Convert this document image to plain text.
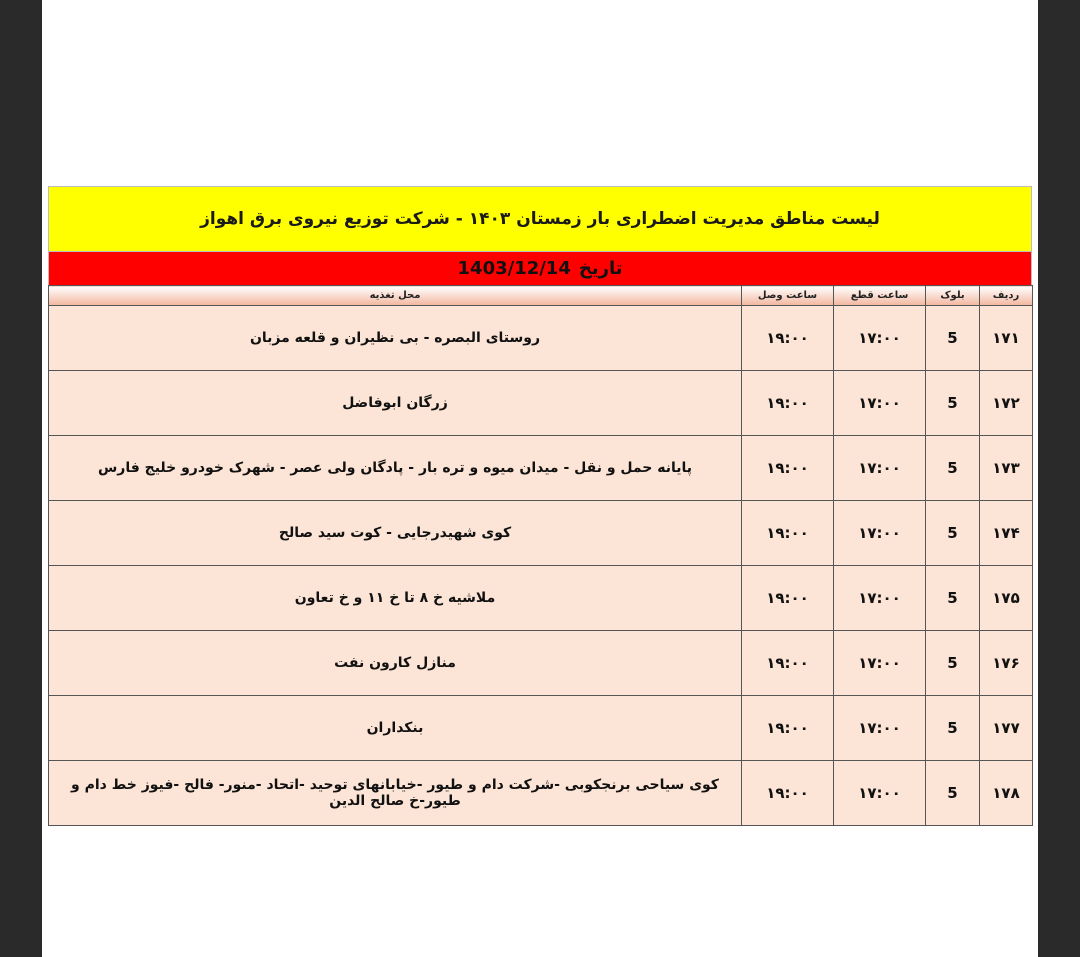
لیست مناطق مدیریت اضطراری بار زمستان ۱۴۰۳ - شرکت توزیع نیروی برق اهواز
تاریخ
1403/12/14
ردیف	بلوک	ساعت قطع	ساعت وصل	محل تغذیه
۱۷۱	5	۱۷:۰۰	۱۹:۰۰	روستای البصره - بی نظیران و قلعه مزبان
۱۷۲	5	۱۷:۰۰	۱۹:۰۰	زرگان ابوفاضل
۱۷۳	5	۱۷:۰۰	۱۹:۰۰	پایانه حمل و نقل - میدان میوه و تره بار - پادگان ولی عصر - شهرک خودرو خلیج فارس
۱۷۴	5	۱۷:۰۰	۱۹:۰۰	کوی شهیدرجایی - کوت سید صالح
۱۷۵	5	۱۷:۰۰	۱۹:۰۰	ملاشیه خ ۸ تا خ ۱۱ و خ تعاون
۱۷۶	5	۱۷:۰۰	۱۹:۰۰	منازل کارون نفت
۱۷۷	5	۱۷:۰۰	۱۹:۰۰	بنکداران
۱۷۸	5	۱۷:۰۰	۱۹:۰۰	کوی سیاحی برنجکوبی -شرکت دام و طیور -خیابانهای توحید -اتحاد -منور- فالح -فیوز خط دام و طیور-خ صالح الدین
